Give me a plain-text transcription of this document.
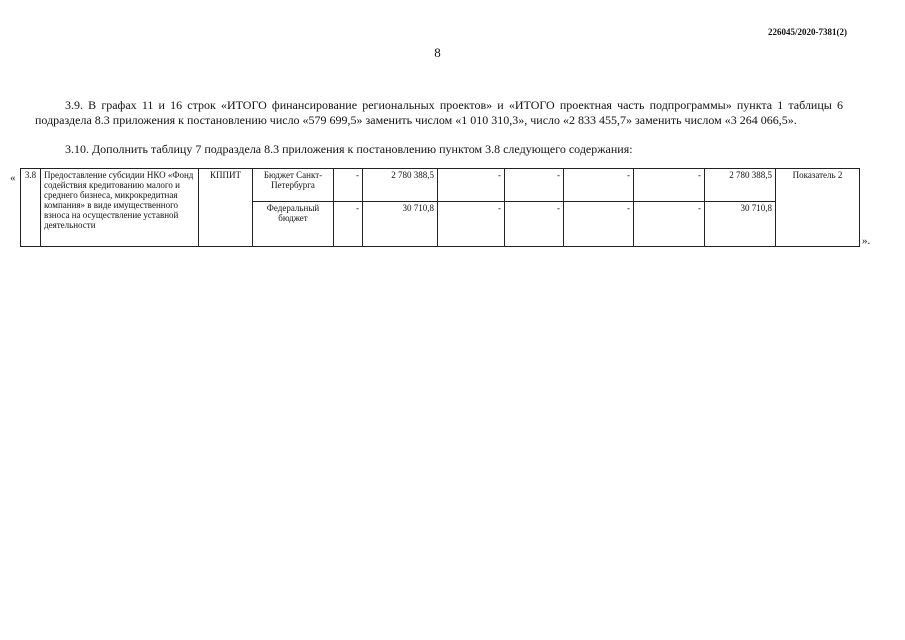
226045/2020-7381(2)
8
3.9. В графах 11 и 16 строк «ИТОГО финансирование региональных проектов» и «ИТОГО проектная часть подпрограммы» пункта 1 таблицы 6 подраздела 8.3 приложения к постановлению число «579 699,5» заменить числом «1 010 310,3», число «2 833 455,7» заменить числом «3 264 066,5».
3.10. Дополнить таблицу 7 подраздела 8.3 приложения к постановлению пунктом 3.8 следующего содержания:
« 3.8	Предоставление субсидии НКО «Фонд содействия кредитованию малого и среднего бизнеса, микрокредитная компания» в виде имущественного взноса на осуществление уставной деятельности	КППИТ	Бюджет Санкт-Петербурга	-	2 780 388,5	-	-	-	-	2 780 388,5	Показатель 2
			Федеральный бюджет	-	30 710,8	-	-	-	-	30 710,8	
».
